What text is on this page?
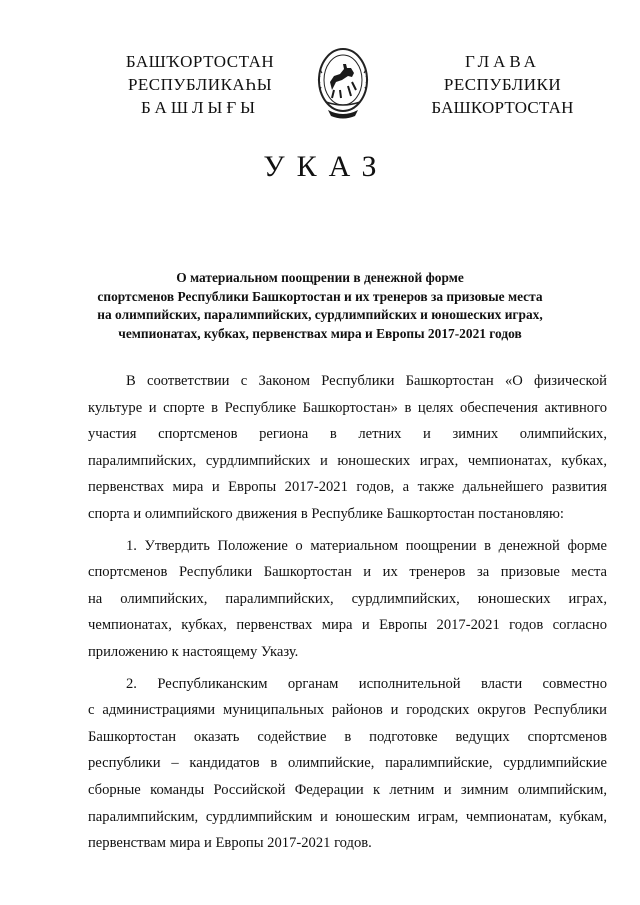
БАШҠОРТОСТАН
РЕСПУБЛИКАҺЫ
БАШЛЫҒЫ
ГЛАВА
РЕСПУБЛИКИ
БАШКОРТОСТАН
УКАЗ
О материальном поощрении в денежной форме
спортсменов Республики Башкортостан и их тренеров за призовые места
на олимпийских, паралимпийских, сурдлимпийских и юношеских играх,
чемпионатах, кубках, первенствах мира и Европы 2017-2021 годов
В соответствии с Законом Республики Башкортостан «О физической
культуре и спорте в Республике Башкортостан» в целях обеспечения активного
участия спортсменов региона в летних и зимних олимпийских,
паралимпийских, сурдлимпийских и юношеских играх, чемпионатах, кубках,
первенствах мира и Европы 2017-2021 годов, а также дальнейшего развития
спорта и олимпийского движения в Республике Башкортостан постановляю:
1. Утвердить Положение о материальном поощрении в денежной форме
спортсменов Республики Башкортостан и их тренеров за призовые места
на олимпийских, паралимпийских, сурдлимпийских, юношеских играх,
чемпионатах, кубках, первенствах мира и Европы 2017-2021 годов согласно
приложению к настоящему Указу.
2. Республиканским органам исполнительной власти совместно
с администрациями муниципальных районов и городских округов Республики
Башкортостан оказать содействие в подготовке ведущих спортсменов
республики – кандидатов в олимпийские, паралимпийские, сурдлимпийские
сборные команды Российской Федерации к летним и зимним олимпийским,
паралимпийским, сурдлимпийским и юношеским играм, чемпионатам, кубкам,
первенствам мира и Европы 2017-2021 годов.
